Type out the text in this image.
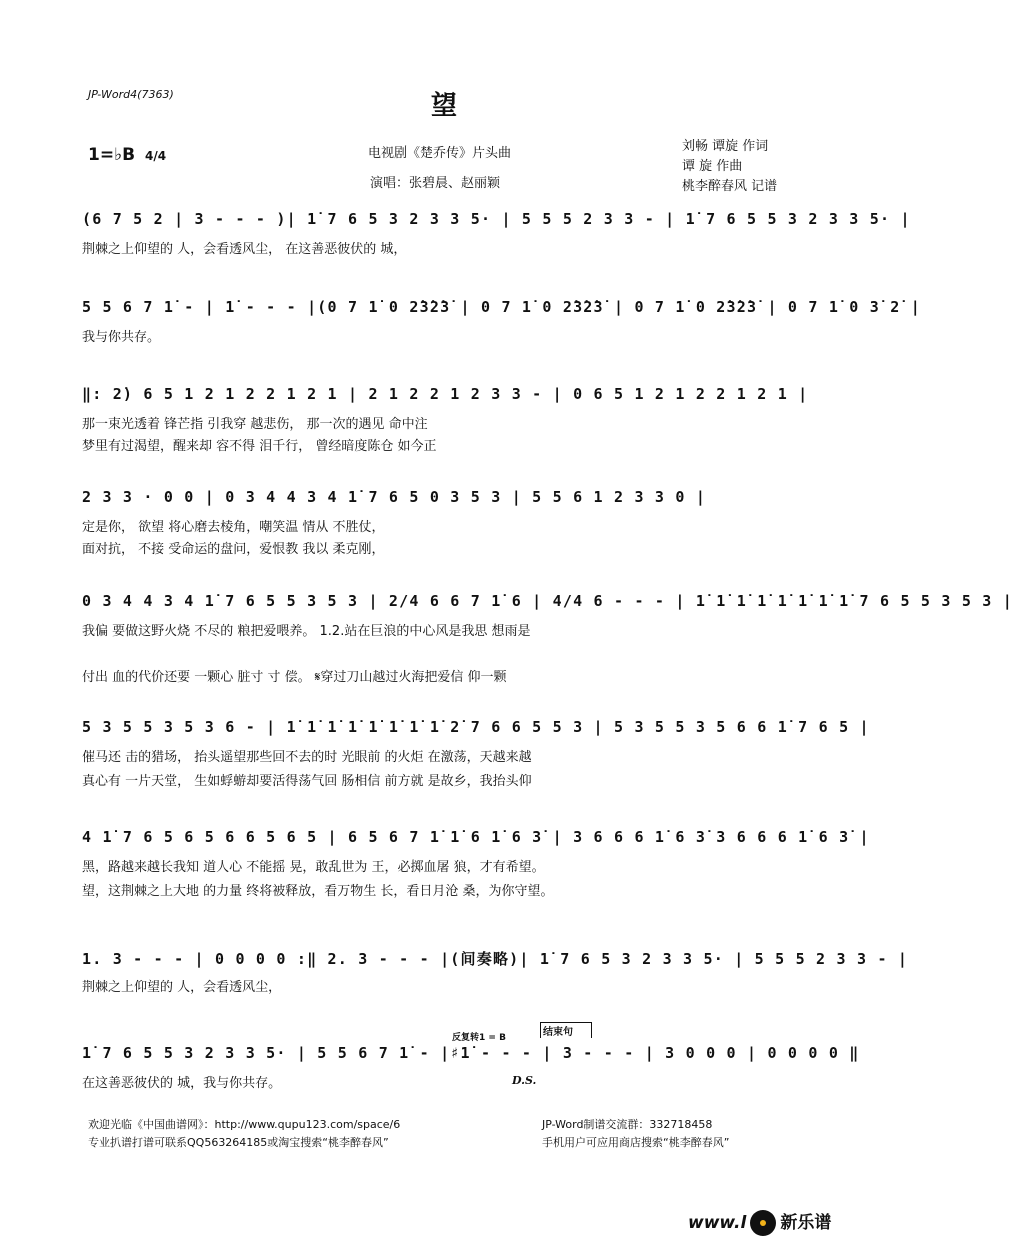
JP-Word4(7363)	望
1=♭B 4/4	电视剧《楚乔传》片头曲
演唱：张碧晨、赵丽颖
刘畅 谭旋 作词
谭 旋 作曲
桃李醉春风 记谱
(6 7 5 2 | 3 - - - )| 1̇ 7 6 5 3 2 3 3 5· | 5 5 5 2 3 3 - | 1̇ 7 6 5 5 3 2 3 3 5· |
荆棘之上仰望的 人，会看透风尘， 在这善恶彼伏的 城，
5 5 6 7 1̇ - | 1̇ - - - |(0 7 1̇ 0 2̇3̇2̇3̇ | 0 7 1̇ 0 2̇3̇2̇3̇ | 0 7 1̇ 0 2̇3̇2̇3̇ | 0 7 1̇ 0 3̇ 2̇ |
我与你共存。
‖: 2̇) 6 5 1 2 1 2 2 1 2 1 | 2 1 2 2 1 2 3 3 - | 0 6 5 1 2 1 2 2 1 2 1 |
那一束光透着 锋芒指 引我穿 越悲伤， 那一次的遇见 命中注
梦里有过渴望，醒来却 容不得 泪千行， 曾经暗度陈仓 如今正
2 3 3 · 0 0 | 0 3 4 4 3 4 1̇ 7 6 5 0 3 5 3 | 5 5 6 1 2 3 3 0 |
定是你， 欲望 将心磨去棱角，嘲笑温 情从 不胜仗，
面对抗， 不接 受命运的盘问，爱恨教 我以 柔克刚，
0 3 4 4 3 4 1̇ 7 6 5 5 3 5 3 | 2/4 6 6 7 1̇ 6 | 4/4 6 - - - | 1̇ 1̇ 1̇ 1̇ 1̇ 1̇ 1̇ 1̇ 7 6 5 5 3 5 3 |
我偏 要做这野火烧 不尽的 粮把爱喂养。 1.2.站在巨浪的中心风是我思 想雨是
付出 血的代价还要 一颗心 脏寸 寸 偿。 𝄋穿过刀山越过火海把爱信 仰一颗
5 3 5 5 3 5 3 6 - | 1̇ 1̇ 1̇ 1̇ 1̇ 1̇ 1̇ 1̇ 2̇ 7 6 6 5 5 3 | 5 3 5 5 3 5 6 6 1̇ 7 6 5 |
催马还 击的猎场， 抬头遥望那些回不去的时 光眼前 的火炬 在激荡，天越来越
真心有 一片天堂， 生如蜉蝣却要活得荡气回 肠相信 前方就 是故乡，我抬头仰
4 1̇ 7 6 5 6 5 6 6 5 6 5 | 6 5 6 7 1̇ 1̇ 6 1̇ 6 3̇ | 3 6 6 6 1̇ 6 3̇ 3 6 6 6 1̇ 6 3̇ |
黑，路越来越长我知 道人心 不能摇 晃，敢乱世为 王，必掷血屠 狼，才有希望。
望，这荆棘之上大地 的力量 终将被释放，看万物生 长，看日月沧 桑，为你守望。
1. 3 - - - | 0 0 0 0 :‖ 2. 3 - - - |(间奏略)| 1̇ 7 6 5 3 2 3 3 5· | 5 5 5 2 3 3 - |
荆棘之上仰望的 人，会看透风尘，
反复转1 = B	结束句
1̇ 7 6 5 5 3 2 3 3 5· | 5 5 6 7 1̇ - |♯1̇ - - - | 3 - - - | 3 0 0 0 | 0 0 0 0 ‖
在这善恶彼伏的 城，我与你共存。	D.S.
欢迎光临《中国曲谱网》：http://www.qupu123.com/space/6
专业扒谱打谱可联系QQ563264185或淘宝搜索“桃李醉春风”
JP-Word制谱交流群：332718458
手机用户可应用商店搜索“桃李醉春风”
www.l 新乐谱
